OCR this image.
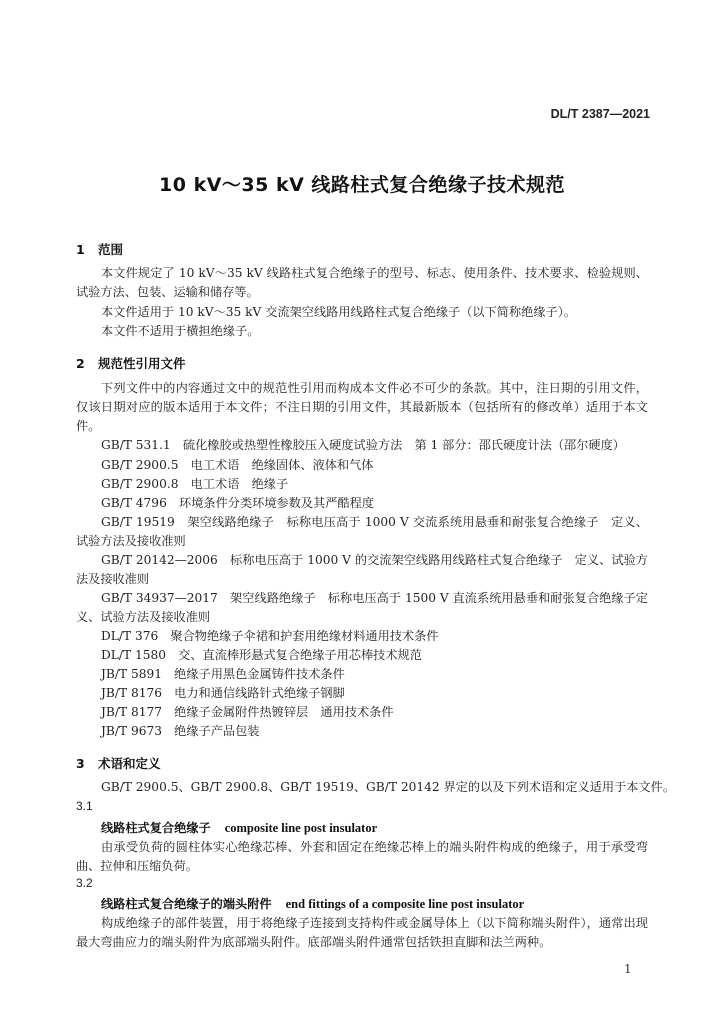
DL/T 2387—2021
10 kV～35 kV 线路柱式复合绝缘子技术规范
1 范围
本文件规定了 10 kV～35 kV 线路柱式复合绝缘子的型号、标志、使用条件、技术要求、检验规则、试验方法、包装、运输和储存等。
本文件适用于 10 kV～35 kV 交流架空线路用线路柱式复合绝缘子（以下简称绝缘子）。
本文件不适用于横担绝缘子。
2 规范性引用文件
下列文件中的内容通过文中的规范性引用而构成本文件必不可少的条款。其中，注日期的引用文件，仅该日期对应的版本适用于本文件；不注日期的引用文件，其最新版本（包括所有的修改单）适用于本文件。
GB/T 531.1　硫化橡胶或热塑性橡胶压入硬度试验方法　第 1 部分：邵氏硬度计法（邵尔硬度）
GB/T 2900.5　电工术语　绝缘固体、液体和气体
GB/T 2900.8　电工术语　绝缘子
GB/T 4796　环境条件分类环境参数及其严酷程度
GB/T 19519　架空线路绝缘子　标称电压高于 1000 V 交流系统用悬垂和耐张复合绝缘子　定义、试验方法及接收准则
GB/T 20142—2006　标称电压高于 1000 V 的交流架空线路用线路柱式复合绝缘子　定义、试验方法及接收准则
GB/T 34937—2017　架空线路绝缘子　标称电压高于 1500 V 直流系统用悬垂和耐张复合绝缘子定义、试验方法及接收准则
DL/T 376　聚合物绝缘子伞裙和护套用绝缘材料通用技术条件
DL/T 1580　交、直流棒形悬式复合绝缘子用芯棒技术规范
JB/T 5891　绝缘子用黑色金属铸件技术条件
JB/T 8176　电力和通信线路针式绝缘子钢脚
JB/T 8177　绝缘子金属附件热镀锌层　通用技术条件
JB/T 9673　绝缘子产品包装
3 术语和定义
GB/T 2900.5、GB/T 2900.8、GB/T 19519、GB/T 20142 界定的以及下列术语和定义适用于本文件。
3.1
线路柱式复合绝缘子 composite line post insulator
由承受负荷的圆柱体实心绝缘芯棒、外套和固定在绝缘芯棒上的端头附件构成的绝缘子，用于承受弯曲、拉伸和压缩负荷。
3.2
线路柱式复合绝缘子的端头附件 end fittings of a composite line post insulator
构成绝缘子的部件装置，用于将绝缘子连接到支持构件或金属导体上（以下简称端头附件），通常出现最大弯曲应力的端头附件为底部端头附件。底部端头附件通常包括铁担直脚和法兰两种。
1
